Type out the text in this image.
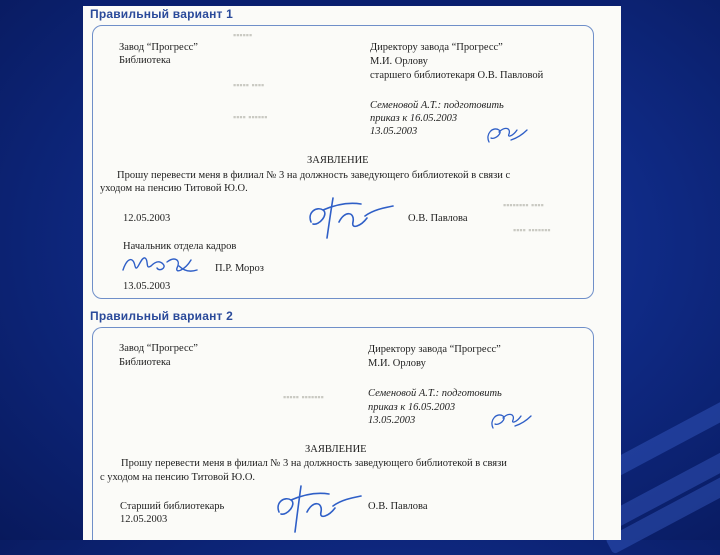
▪▪▪▪▪▪
▪▪▪▪▪ ▪▪▪▪
▪▪▪▪ ▪▪▪▪▪▪
▪▪▪▪▪▪▪▪ ▪▪▪▪
▪▪▪▪ ▪▪▪▪▪▪▪
▪▪▪▪▪ ▪▪▪▪▪▪▪
Правильный вариант 1
Завод “Прогресс”
Библиотека
Директору завода “Прогресс”
М.И. Орлову
старшего библиотекаря О.В. Павловой
Семеновой А.Т.: подготовить
приказ к 16.05.2003
13.05.2003
ЗАЯВЛЕНИЕ
Прошу перевести меня в филиал № 3 на должность заведующего библиотекой в связи с
уходом на пенсию Титовой Ю.О.
12.05.2003	О.В. Павлова
Начальник отдела кадров
П.Р. Мороз
13.05.2003
Правильный вариант 2
Завод “Прогресс”
Библиотека
Директору завода “Прогресс”
М.И. Орлову
Семеновой А.Т.: подготовить
приказ к 16.05.2003
13.05.2003
ЗАЯВЛЕНИЕ
Прошу перевести меня в филиал № 3 на должность заведующего библиотекой в связи
с уходом на пенсию Титовой Ю.О.
Старший библиотекарь
12.05.2003
О.В. Павлова
